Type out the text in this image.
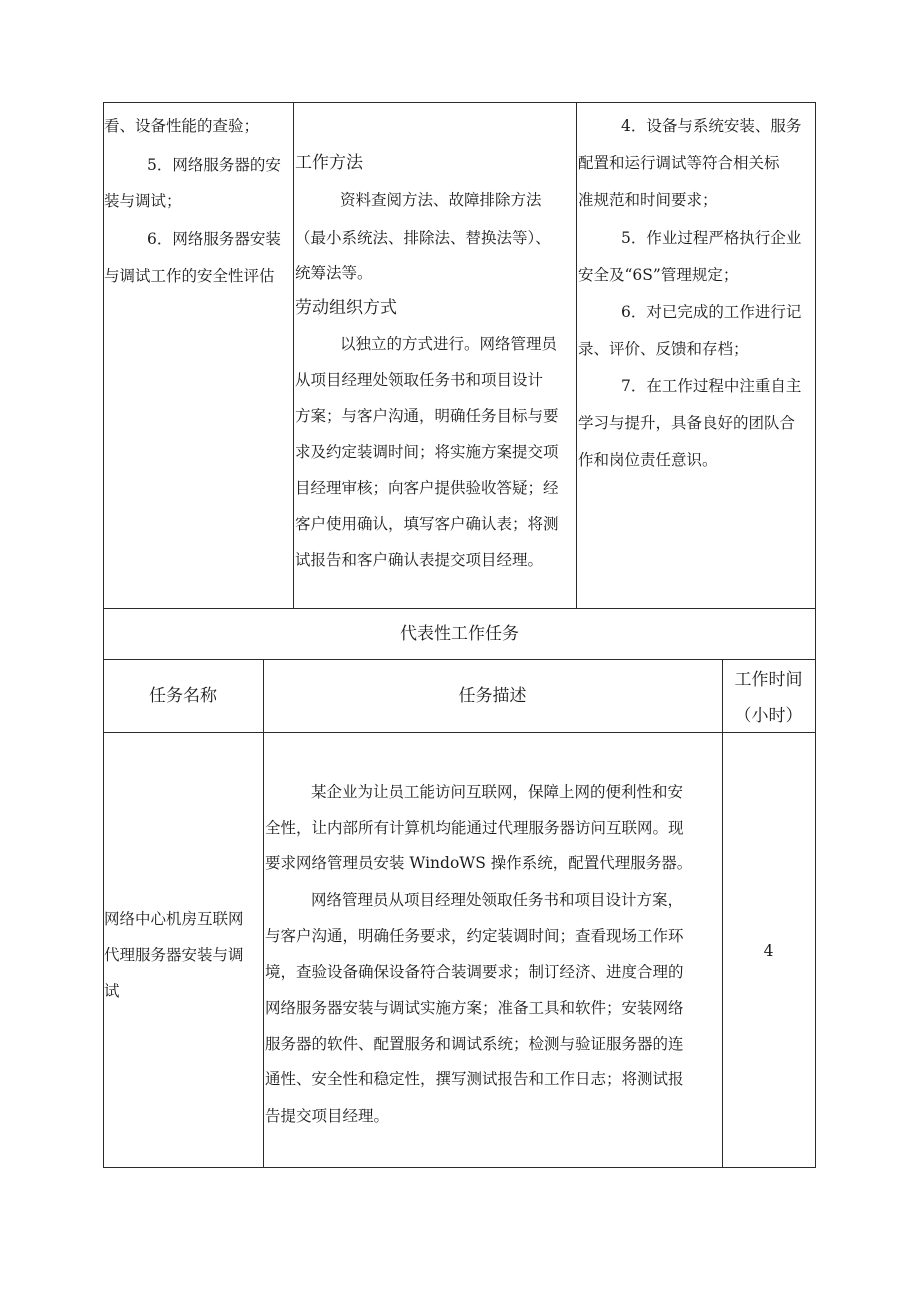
看、设备性能的查验；
5．网络服务器的安
装与调试；
6．网络服务器安装
与调试工作的安全性评估
工作方法
资料查阅方法、故障排除方法
（最小系统法、排除法、替换法等）、
统筹法等。
劳动组织方式
以独立的方式进行。网络管理员
从项目经理处领取任务书和项目设计
方案；与客户沟通，明确任务目标与要
求及约定装调时间；将实施方案提交项
目经理审核；向客户提供验收答疑；经
客户使用确认，填写客户确认表；将测
试报告和客户确认表提交项目经理。
4．设备与系统安装、服务
配置和运行调试等符合相关标
准规范和时间要求；
5．作业过程严格执行企业
安全及“6S”管理规定；
6．对已完成的工作进行记
录、评价、反馈和存档；
7．在工作过程中注重自主
学习与提升，具备良好的团队合
作和岗位责任意识。
代表性工作任务
任务名称	任务描述
工作时间
（小时）
网络中心机房互联网
代理服务器安装与调
试
某企业为让员工能访问互联网，保障上网的便利性和安
全性，让内部所有计算机均能通过代理服务器访问互联网。现
要求网络管理员安装 WindoWS 操作系统，配置代理服务器。
网络管理员从项目经理处领取任务书和项目设计方案，
与客户沟通，明确任务要求，约定装调时间；查看现场工作环
境，查验设备确保设备符合装调要求；制订经济、进度合理的
网络服务器安装与调试实施方案；准备工具和软件；安装网络
服务器的软件、配置服务和调试系统；检测与验证服务器的连
通性、安全性和稳定性，撰写测试报告和工作日志；将测试报
告提交项目经理。
4
